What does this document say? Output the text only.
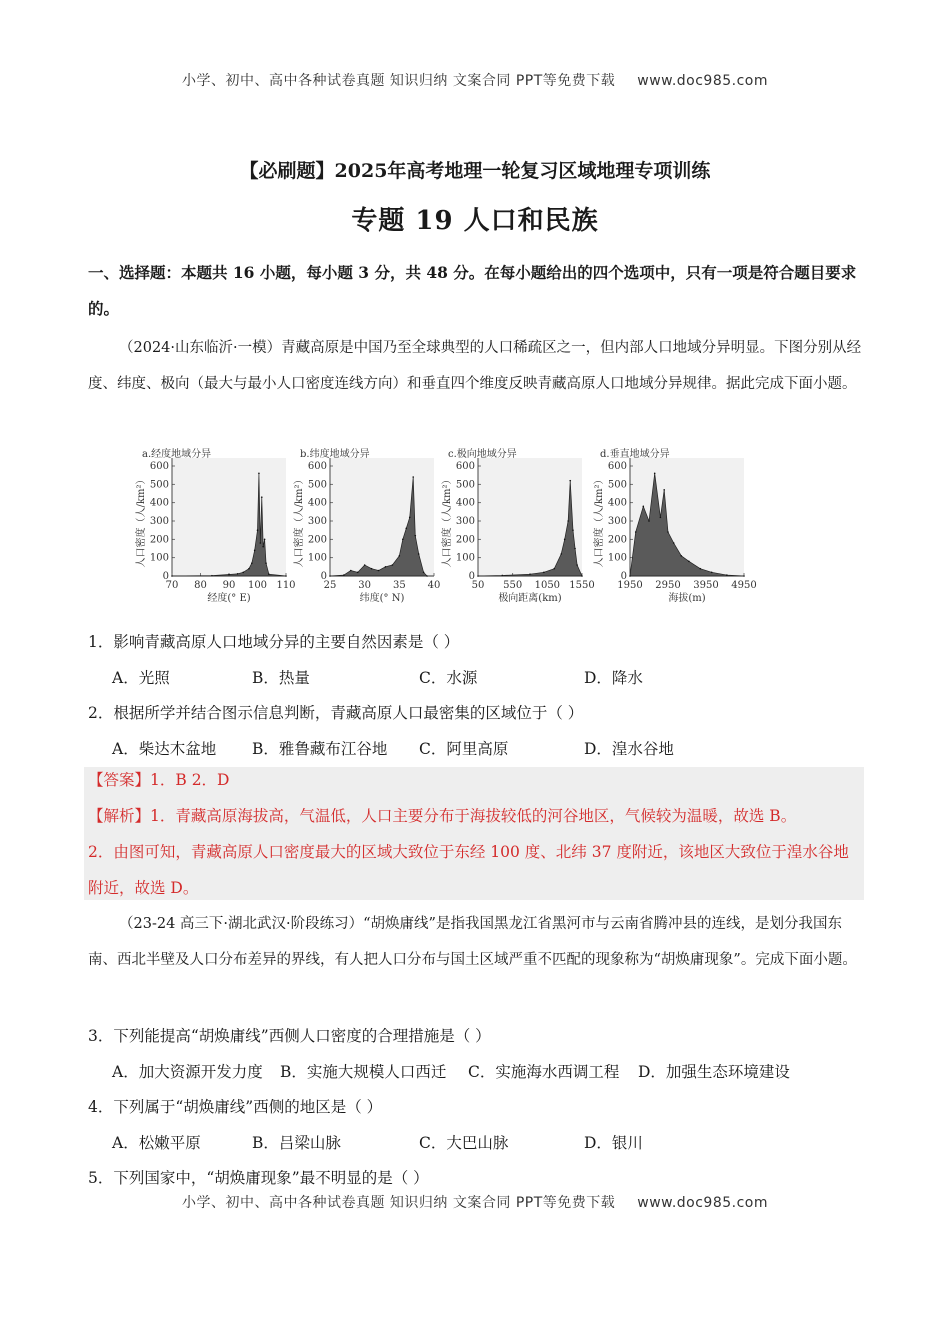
小学、初中、高中各种试卷真题 知识归纳 文案合同 PPT等免费下载 www.doc985.com
【必刷题】2025年高考地理一轮复习区域地理专项训练
专题 19 人口和民族
一、选择题：本题共 16 小题，每小题 3 分，共 48 分。在每小题给出的四个选项中，只有一项是符合题目要求的。
（2024·山东临沂·一模）青藏高原是中国乃至全球典型的人口稀疏区之一，但内部人口地域分异明显。下图分别从经度、纬度、极向（最大与最小人口密度连线方向）和垂直四个维度反映青藏高原人口地域分异规律。据此完成下面小题。
a.经度地域分异
0
100
200
300
400
500
600
人口密度（人/km²）
70 80 90 100 110
经度(° E)
b.纬度地域分异
0
100
200
300
400
500
600
人口密度（人/km²）
25 30 35 40
纬度(° N)
c.极向地域分异
0
100
200
300
400
500
600
人口密度（人/km²）
50 550 1050 1550
极向距离(km)
d.垂直地域分异
0
100
200
300
400
500
600
人口密度（人/km²）
1950 2950 3950 4950
海拔(m)
1．影响青藏高原人口地域分异的主要自然因素是（ ）
A．光照	B．热量	C．水源	D．降水
2．根据所学并结合图示信息判断，青藏高原人口最密集的区域位于（ ）
A．柴达木盆地 B．雅鲁藏布江谷地 C．阿里高原	D．湟水谷地
【答案】1．B 2．D
【解析】1．青藏高原海拔高，气温低，人口主要分布于海拔较低的河谷地区，气候较为温暖，故选 B。
2．由图可知，青藏高原人口密度最大的区域大致位于东经 100 度、北纬 37 度附近，该地区大致位于湟水谷地附近，故选 D。
（23-24 高三下·湖北武汉·阶段练习）“胡焕庸线”是指我国黑龙江省黑河市与云南省腾冲县的连线，是划分我国东南、西北半壁及人口分布差异的界线，有人把人口分布与国土区域严重不匹配的现象称为“胡焕庸现象”。完成下面小题。
3．下列能提高“胡焕庸线”西侧人口密度的合理措施是（ ）
A．加大资源开发力度 B．实施大规模人口西迁 C．实施海水西调工程 D．加强生态环境建设
4．下列属于“胡焕庸线”西侧的地区是（ ）
A．松嫩平原	B．吕梁山脉	C．大巴山脉	D．银川
5．下列国家中，“胡焕庸现象”最不明显的是（ ）
小学、初中、高中各种试卷真题 知识归纳 文案合同 PPT等免费下载 www.doc985.com
